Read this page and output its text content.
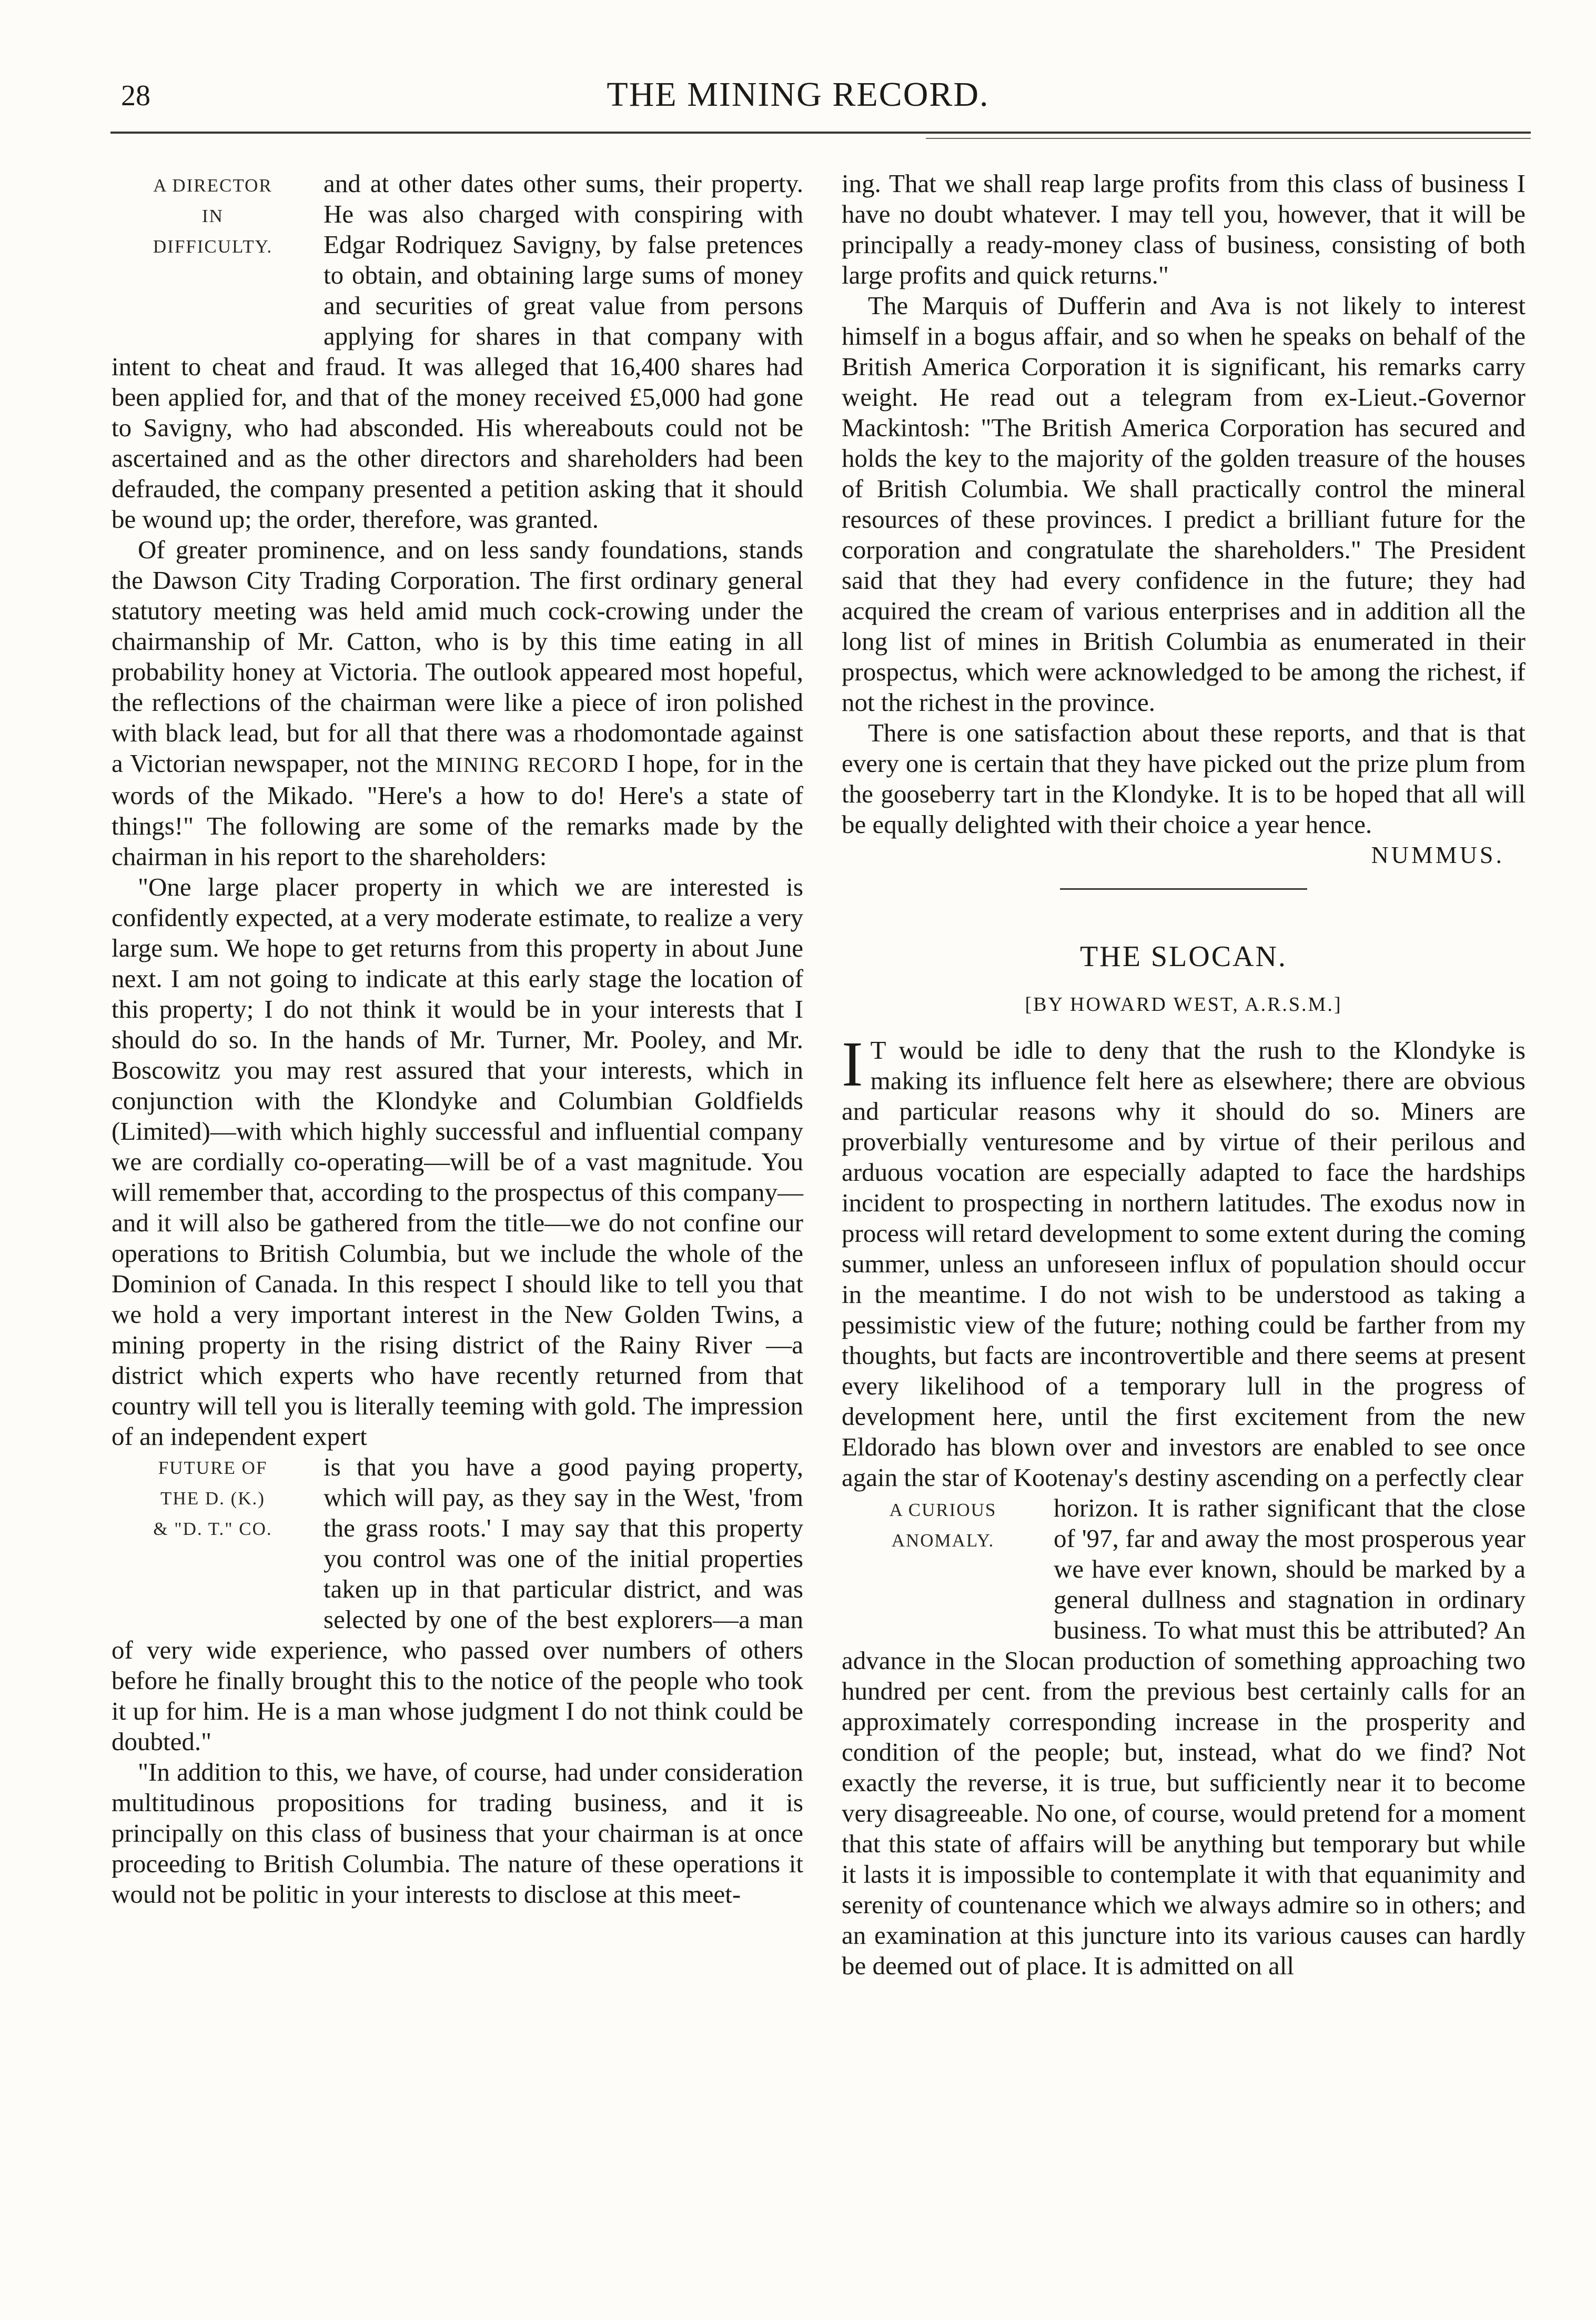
28	THE MINING RECORD.
A DIRECTOR
IN
DIFFICULTY.

and at other dates other sums, their property. He was also charged with conspiring with Edgar Rodriquez Savigny, by false pretences to obtain, and obtaining large sums of money and securities of great value from persons applying for shares in that company with intent to cheat and fraud. It was alleged that 16,400 shares had been applied for, and that of the money received £5,000 had gone to Savigny, who had absconded. His whereabouts could not be ascertained and as the other directors and shareholders had been defrauded, the company presented a petition asking that it should be wound up; the order, therefore, was granted.

Of greater prominence, and on less sandy foundations, stands the Dawson City Trading Corporation. The first ordinary general statutory meeting was held amid much cock-crowing under the chairmanship of Mr. Catton, who is by this time eating in all probability honey at Victoria. The outlook appeared most hopeful, the reflections of the chairman were like a piece of iron polished with black lead, but for all that there was a rhodomontade against a Victorian newspaper, not the MINING RECORD I hope, for in the words of the Mikado. "Here's a how to do! Here's a state of things!" The following are some of the remarks made by the chairman in his report to the shareholders:

"One large placer property in which we are interested is confidently expected, at a very moderate estimate, to realize a very large sum. We hope to get returns from this property in about June next. I am not going to indicate at this early stage the location of this property; I do not think it would be in your interests that I should do so. In the hands of Mr. Turner, Mr. Pooley, and Mr. Boscowitz you may rest assured that your interests, which in conjunction with the Klondyke and Columbian Goldfields (Limited)—with which highly successful and influential company we are cordially co-operating—will be of a vast magnitude. You will remember that, according to the prospectus of this company—and it will also be gathered from the title—we do not confine our operations to British Columbia, but we include the whole of the Dominion of Canada. In this respect I should like to tell you that we hold a very important interest in the New Golden Twins, a mining property in the rising district of the Rainy River —a district which experts who have recently returned from that country will tell you is literally teeming with gold. The impression of an independent expert

FUTURE OF
THE D. (K.)
& "D. T." CO.

is that you have a good paying property, which will pay, as they say in the West, 'from the grass roots.' I may say that this property you control was one of the initial properties taken up in that particular district, and was selected by one of the best explorers—a man of very wide experience, who passed over numbers of others before he finally brought this to the notice of the people who took it up for him. He is a man whose judgment I do not think could be doubted."

"In addition to this, we have, of course, had under consideration multitudinous propositions for trading business, and it is principally on this class of business that your chairman is at once proceeding to British Columbia. The nature of these operations it would not be politic in your interests to disclose at this meet-

ing. That we shall reap large profits from this class of business I have no doubt whatever. I may tell you, however, that it will be principally a ready-money class of business, consisting of both large profits and quick returns."

The Marquis of Dufferin and Ava is not likely to interest himself in a bogus affair, and so when he speaks on behalf of the British America Corporation it is significant, his remarks carry weight. He read out a telegram from ex-Lieut.-Governor Mackintosh: "The British America Corporation has secured and holds the key to the majority of the golden treasure of the houses of British Columbia. We shall practically control the mineral resources of these provinces. I predict a brilliant future for the corporation and congratulate the shareholders." The President said that they had every confidence in the future; they had acquired the cream of various enterprises and in addition all the long list of mines in British Columbia as enumerated in their prospectus, which were acknowledged to be among the richest, if not the richest in the province.

There is one satisfaction about these reports, and that is that every one is certain that they have picked out the prize plum from the gooseberry tart in the Klondyke. It is to be hoped that all will be equally delighted with their choice a year hence.

NUMMUS.
THE SLOCAN.
[BY HOWARD WEST, A.R.S.M.]

I T would be idle to deny that the rush to the Klondyke is making its influence felt here as elsewhere; there are obvious and particular reasons why it should do so. Miners are proverbially venturesome and by virtue of their perilous and arduous vocation are especially adapted to face the hardships incident to prospecting in northern latitudes. The exodus now in process will retard development to some extent during the coming summer, unless an unforeseen influx of population should occur in the meantime. I do not wish to be understood as taking a pessimistic view of the future; nothing could be farther from my thoughts, but facts are incontrovertible and there seems at present every likelihood of a temporary lull in the progress of development here, until the first excitement from the new Eldorado has blown over and investors are enabled to see once again the star of Kootenay's destiny ascending on a perfectly clear

A CURIOUS
ANOMALY.

horizon. It is rather significant that the close of '97, far and away the most prosperous year we have ever known, should be marked by a general dullness and stagnation in ordinary business. To what must this be attributed? An advance in the Slocan production of something approaching two hundred per cent. from the previous best certainly calls for an approximately corresponding increase in the prosperity and condition of the people; but, instead, what do we find? Not exactly the reverse, it is true, but sufficiently near it to become very disagreeable. No one, of course, would pretend for a moment that this state of affairs will be anything but temporary but while it lasts it is impossible to contemplate it with that equanimity and serenity of countenance which we always admire so in others; and an examination at this juncture into its various causes can hardly be deemed out of place. It is admitted on all
